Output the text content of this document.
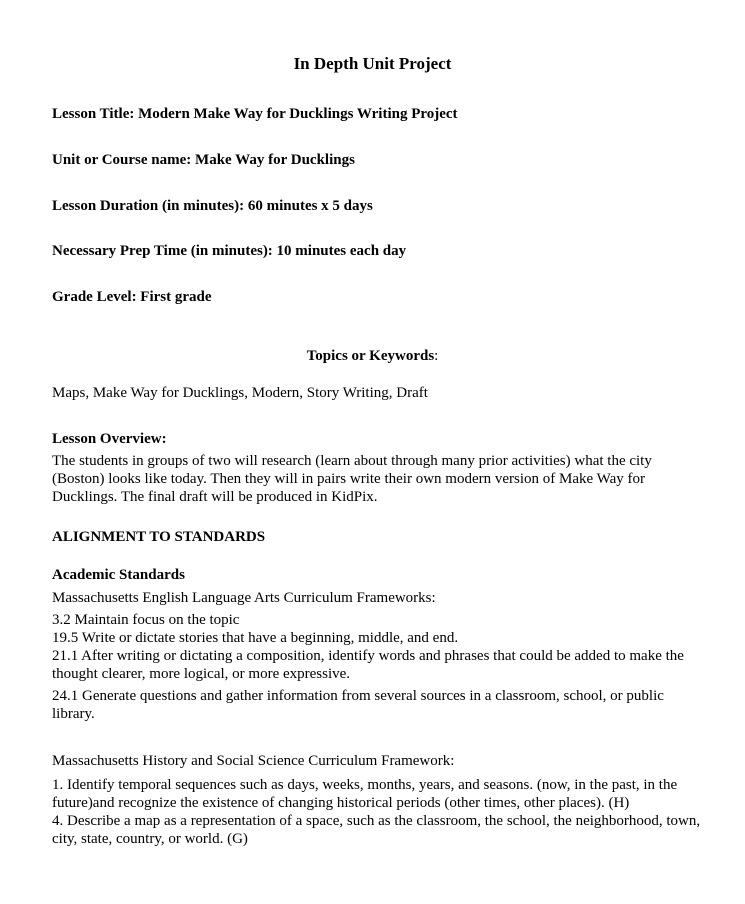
In Depth Unit Project
Lesson Title: Modern Make Way for Ducklings Writing Project
Unit or Course name: Make Way for Ducklings
Lesson Duration (in minutes): 60 minutes x 5 days
Necessary Prep Time (in minutes): 10 minutes each day
Grade Level: First grade
Topics or Keywords:
Maps, Make Way for Ducklings, Modern, Story Writing, Draft
Lesson Overview:
The students in groups of two will research (learn about through many prior activities) what the city (Boston) looks like today. Then they will in pairs write their own modern version of Make Way for Ducklings. The final draft will be produced in KidPix.
ALIGNMENT TO STANDARDS
Academic Standards
Massachusetts English Language Arts Curriculum Frameworks:

3.2 Maintain focus on the topic

19.5 Write or dictate stories that have a beginning, middle, and end.

21.1 After writing or dictating a composition, identify words and phrases that could be added to make the thought clearer, more logical, or more expressive.

24.1 Generate questions and gather information from several sources in a classroom, school, or public library.

Massachusetts History and Social Science Curriculum Framework:

1. Identify temporal sequences such as days, weeks, months, years, and seasons. (now, in the past, in the future)and recognize the existence of changing historical periods (other times, other places). (H)

4. Describe a map as a representation of a space, such as the classroom, the school, the neighborhood, town, city, state, country, or world. (G)
